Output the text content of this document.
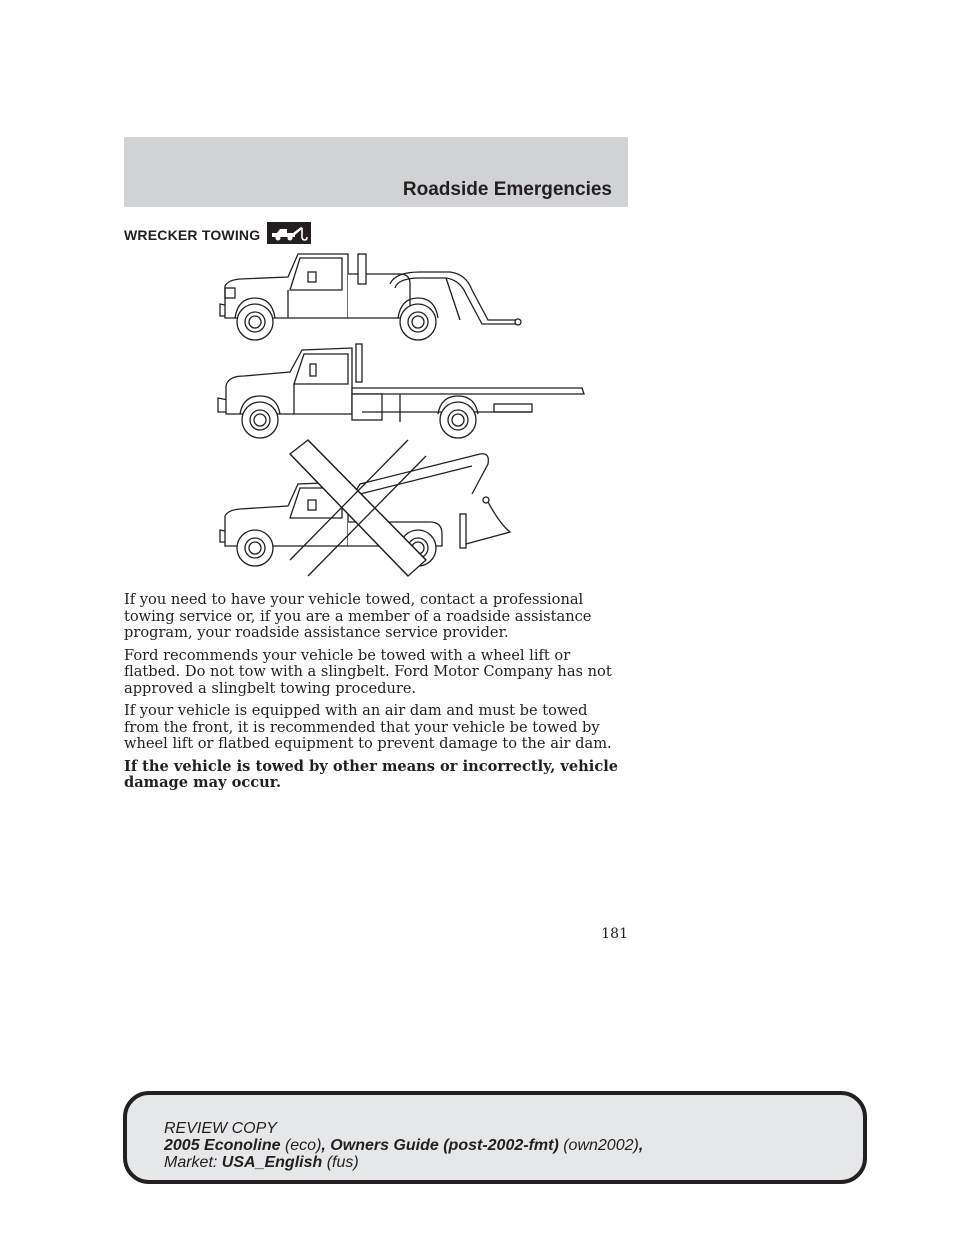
Roadside Emergencies
WRECKER TOWING

If you need to have your vehicle towed, contact a professional towing service or, if you are a member of a roadside assistance program, your roadside assistance service provider.

Ford recommends your vehicle be towed with a wheel lift or flatbed. Do not tow with a slingbelt. Ford Motor Company has not approved a slingbelt towing procedure.

If your vehicle is equipped with an air dam and must be towed from the front, it is recommended that your vehicle be towed by wheel lift or flatbed equipment to prevent damage to the air dam.

If the vehicle is towed by other means or incorrectly, vehicle damage may occur.

181
REVIEW COPY
2005 Econoline (eco), Owners Guide (post-2002-fmt) (own2002),
Market: USA_English (fus)
